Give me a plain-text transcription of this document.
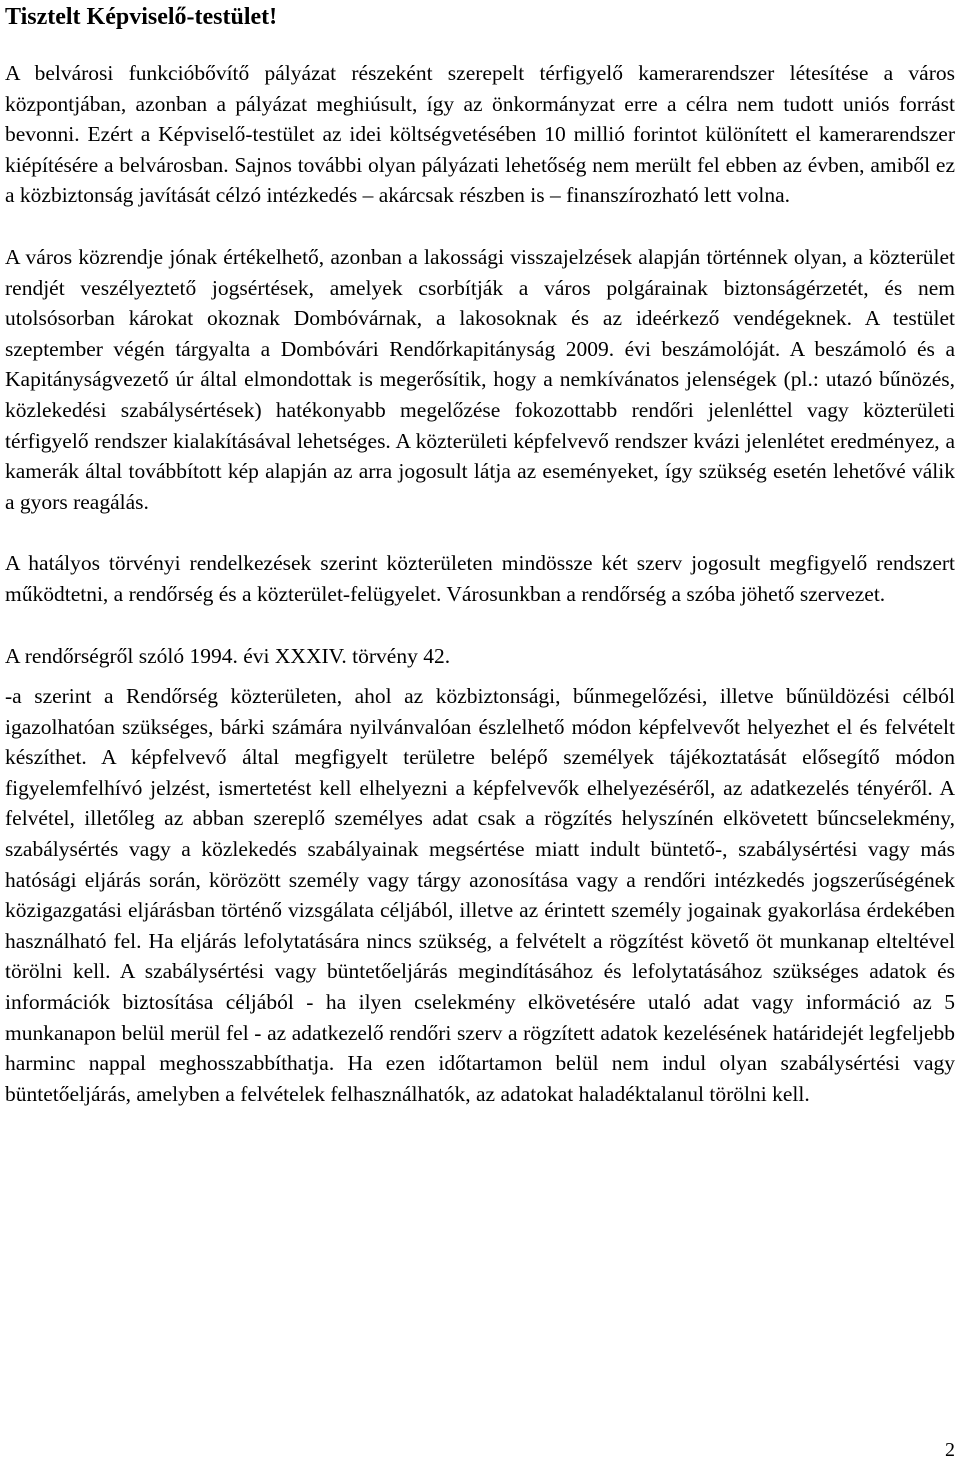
Tisztelt Képviselő-testület!

A belvárosi funkcióbővítő pályázat részeként szerepelt térfigyelő kamerarendszer létesítése a város központjában, azonban a pályázat meghiúsult, így az önkormányzat erre a célra nem tudott uniós forrást bevonni. Ezért a Képviselő-testület az idei költségvetésében 10 millió forintot különített el kamerarendszer kiépítésére a belvárosban. Sajnos további olyan pályázati lehetőség nem merült fel ebben az évben, amiből ez a közbiztonság javítását célzó intézkedés – akárcsak részben is – finanszírozható lett volna.

A város közrendje jónak értékelhető, azonban a lakossági visszajelzések alapján történnek olyan, a közterület rendjét veszélyeztető jogsértések, amelyek csorbítják a város polgárainak biztonságérzetét, és nem utolsósorban károkat okoznak Dombóvárnak, a lakosoknak és az ideérkező vendégeknek. A testület szeptember végén tárgyalta a Dombóvári Rendőrkapitányság 2009. évi beszámolóját. A beszámoló és a Kapitányságvezető úr által elmondottak is megerősítik, hogy a nemkívánatos jelenségek (pl.: utazó bűnözés, közlekedési szabálysértések) hatékonyabb megelőzése fokozottabb rendőri jelenléttel vagy közterületi térfigyelő rendszer kialakításával lehetséges. A közterületi képfelvevő rendszer kvázi jelenlétet eredményez, a kamerák által továbbított kép alapján az arra jogosult látja az eseményeket, így szükség esetén lehetővé válik a gyors reagálás.

A hatályos törvényi rendelkezések szerint közterületen mindössze két szerv jogosult megfigyelő rendszert működtetni, a rendőrség és a közterület-felügyelet. Városunkban a rendőrség a szóba jöhető szervezet.

A rendőrségről szóló 1994. évi XXXIV. törvény 42.

-a szerint a Rendőrség közterületen, ahol az közbiztonsági, bűnmegelőzési, illetve bűnüldözési célból igazolhatóan szükséges, bárki számára nyilvánvalóan észlelhető módon képfelvevőt helyezhet el és felvételt készíthet. A képfelvevő által megfigyelt területre belépő személyek tájékoztatását elősegítő módon figyelemfelhívó jelzést, ismertetést kell elhelyezni a képfelvevők elhelyezéséről, az adatkezelés tényéről. A felvétel, illetőleg az abban szereplő személyes adat csak a rögzítés helyszínén elkövetett bűncselekmény, szabálysértés vagy a közlekedés szabályainak megsértése miatt indult büntető-, szabálysértési vagy más hatósági eljárás során, körözött személy vagy tárgy azonosítása vagy a rendőri intézkedés jogszerűségének közigazgatási eljárásban történő vizsgálata céljából, illetve az érintett személy jogainak gyakorlása érdekében használható fel. Ha eljárás lefolytatására nincs szükség, a felvételt a rögzítést követő öt munkanap elteltével törölni kell. A szabálysértési vagy büntetőeljárás megindításához és lefolytatásához szükséges adatok és információk biztosítása céljából - ha ilyen cselekmény elkövetésére utaló adat vagy információ az 5 munkanapon belül merül fel - az adatkezelő rendőri szerv a rögzített adatok kezelésének határidejét legfeljebb harminc nappal meghosszabbíthatja. Ha ezen időtartamon belül nem indul olyan szabálysértési vagy büntetőeljárás, amelyben a felvételek felhasználhatók, az adatokat haladéktalanul törölni kell.

2
